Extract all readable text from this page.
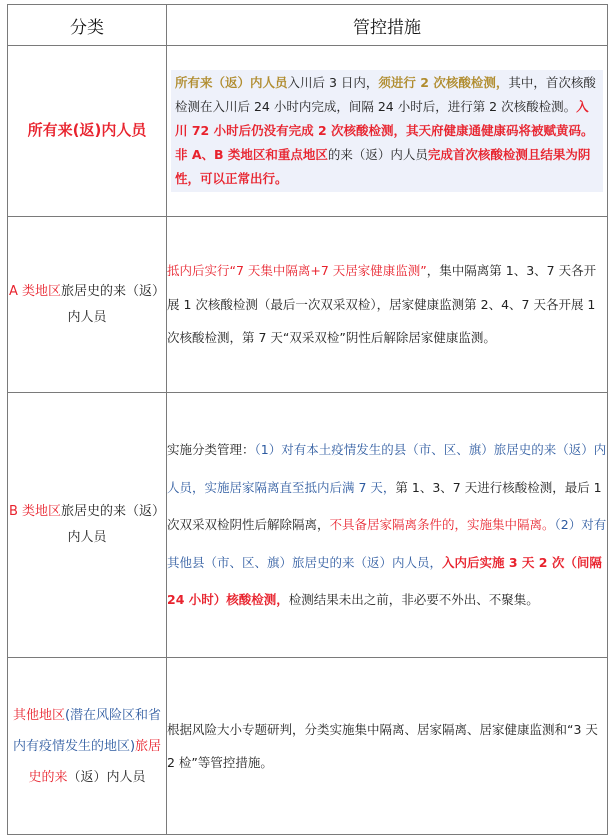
分类	管控措施
所有来(返)内人员	所有来（返）内人员入川后 3 日内，须进行 2 次核酸检测，其中，首次核酸检测在入川后 24 小时内完成，间隔 24 小时后，进行第 2 次核酸检测。入川 72 小时后仍没有完成 2 次核酸检测，其天府健康通健康码将被赋黄码。
非 A、B 类地区和重点地区的来（返）内人员完成首次核酸检测且结果为阴性，可以正常出行。

A 类地区旅居史的来（返）内人员	抵内后实行“7 天集中隔离+7 天居家健康监测”，集中隔离第 1、3、7 天各开展 1 次核酸检测（最后一次双采双检），居家健康监测第 2、4、7 天各开展 1 次核酸检测，第 7 天“双采双检”阴性后解除居家健康监测。
B 类地区旅居史的来（返）内人员	实施分类管理：（1）对有本土疫情发生的县（市、区、旗）旅居史的来（返）内人员，实施居家隔离直至抵内后满 7 天，第 1、3、7 天进行核酸检测，最后 1 次双采双检阴性后解除隔离，不具备居家隔离条件的，实施集中隔离。（2）对有其他县（市、区、旗）旅居史的来（返）内人员，入内后实施 3 天 2 次（间隔 24 小时）核酸检测，检测结果未出之前，非必要不外出、不聚集。
其他地区(潜在风险区和省内有疫情发生的地区)旅居史的来（返）内人员	根据风险大小专题研判，分类实施集中隔离、居家隔离、居家健康监测和“3 天 2 检”等管控措施。
